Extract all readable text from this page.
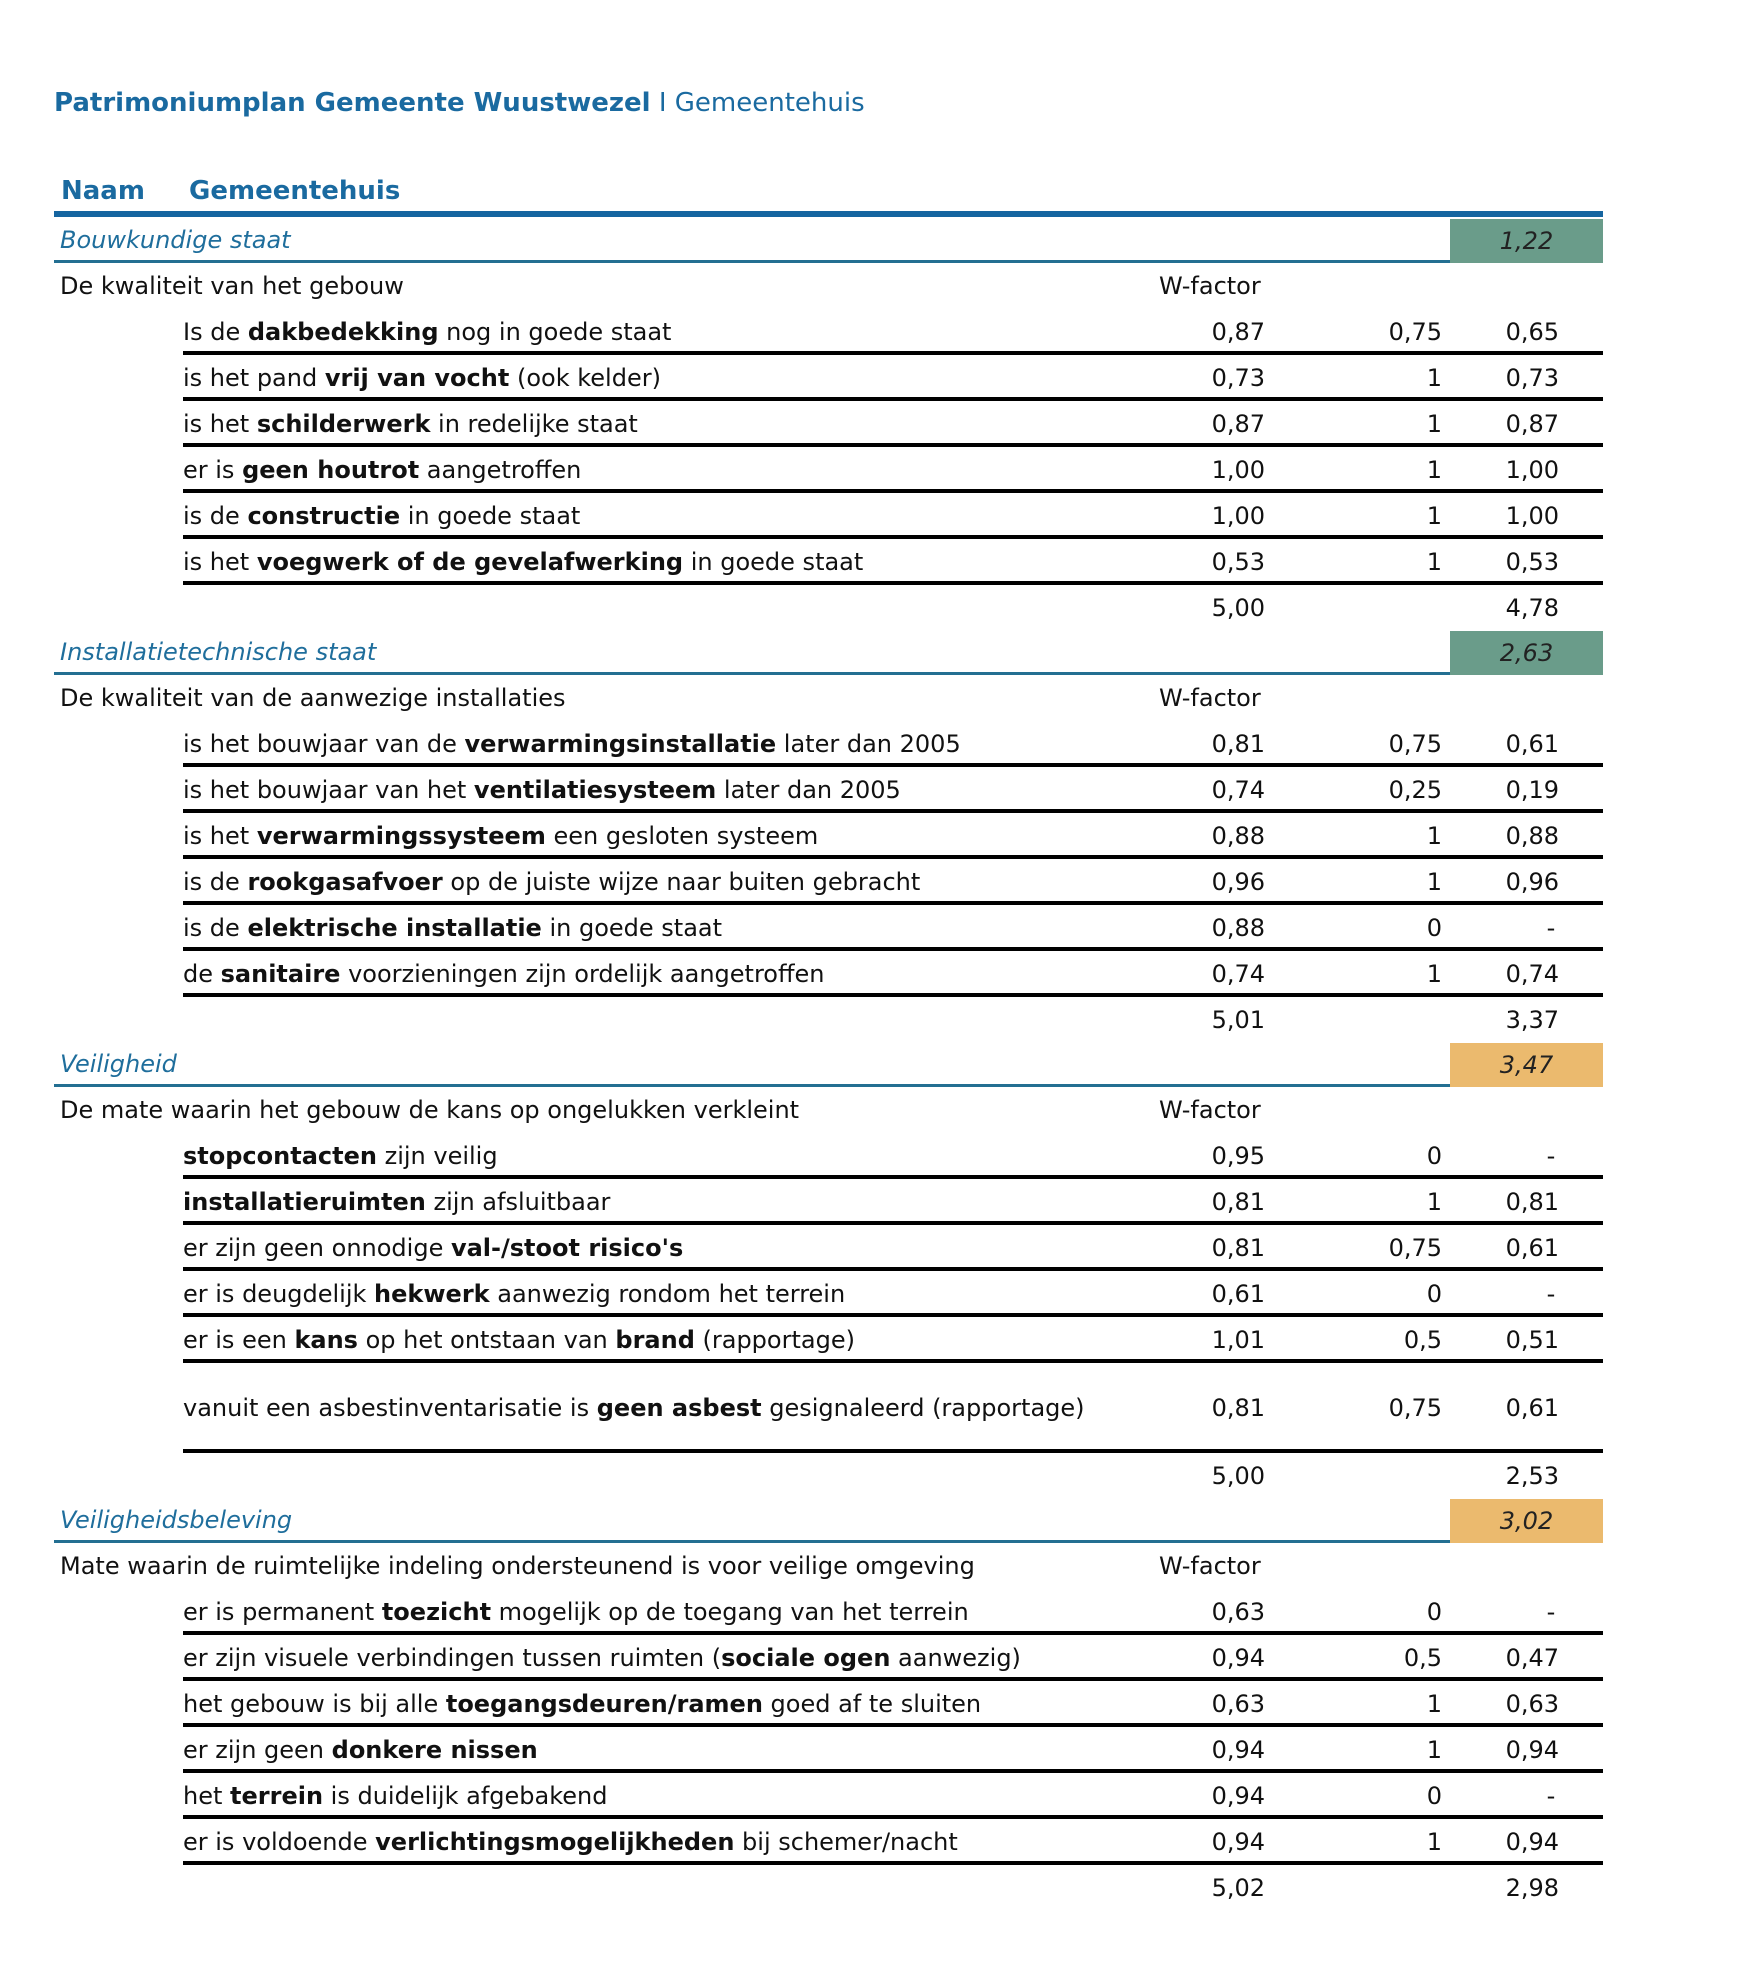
Patrimoniumplan Gemeente Wuustwezel I Gemeentehuis
Naam Gemeentehuis
Bouwkundige staat	1,22
De kwaliteit van het gebouw	W-factor
Is de dakbedekking nog in goede staat	0,87	0,75	0,65
is het pand vrij van vocht (ook kelder)	0,73	1	0,73
is het schilderwerk in redelijke staat	0,87	1	0,87
er is geen houtrot aangetroffen	1,00	1	1,00
is de constructie in goede staat	1,00	1	1,00
is het voegwerk of de gevelafwerking in goede staat	0,53	1	0,53
5,00	4,78
Installatietechnische staat	2,63
De kwaliteit van de aanwezige installaties	W-factor
is het bouwjaar van de verwarmingsinstallatie later dan 2005	0,81	0,75	0,61
is het bouwjaar van het ventilatiesysteem later dan 2005	0,74	0,25	0,19
is het verwarmingssysteem een gesloten systeem	0,88	1	0,88
is de rookgasafvoer op de juiste wijze naar buiten gebracht	0,96	1	0,96
is de elektrische installatie in goede staat	0,88	0	-
de sanitaire voorzieningen zijn ordelijk aangetroffen	0,74	1	0,74
5,01	3,37
Veiligheid	3,47
De mate waarin het gebouw de kans op ongelukken verkleint	W-factor
stopcontacten zijn veilig	0,95	0	-
installatieruimten zijn afsluitbaar	0,81	1	0,81
er zijn geen onnodige val-/stoot risico's	0,81	0,75	0,61
er is deugdelijk hekwerk aanwezig rondom het terrein	0,61	0	-
er is een kans op het ontstaan van brand (rapportage)	1,01	0,5	0,51
vanuit een asbestinventarisatie is geen asbest gesignaleerd (rapportage)	0,81	0,75	0,61
5,00	2,53
Veiligheidsbeleving	3,02
Mate waarin de ruimtelijke indeling ondersteunend is voor veilige omgeving	W-factor
er is permanent toezicht mogelijk op de toegang van het terrein	0,63	0	-
er zijn visuele verbindingen tussen ruimten (sociale ogen aanwezig)	0,94	0,5	0,47
het gebouw is bij alle toegangsdeuren/ramen goed af te sluiten	0,63	1	0,63
er zijn geen donkere nissen	0,94	1	0,94
het terrein is duidelijk afgebakend	0,94	0	-
er is voldoende verlichtingsmogelijkheden bij schemer/nacht	0,94	1	0,94
5,02	2,98
